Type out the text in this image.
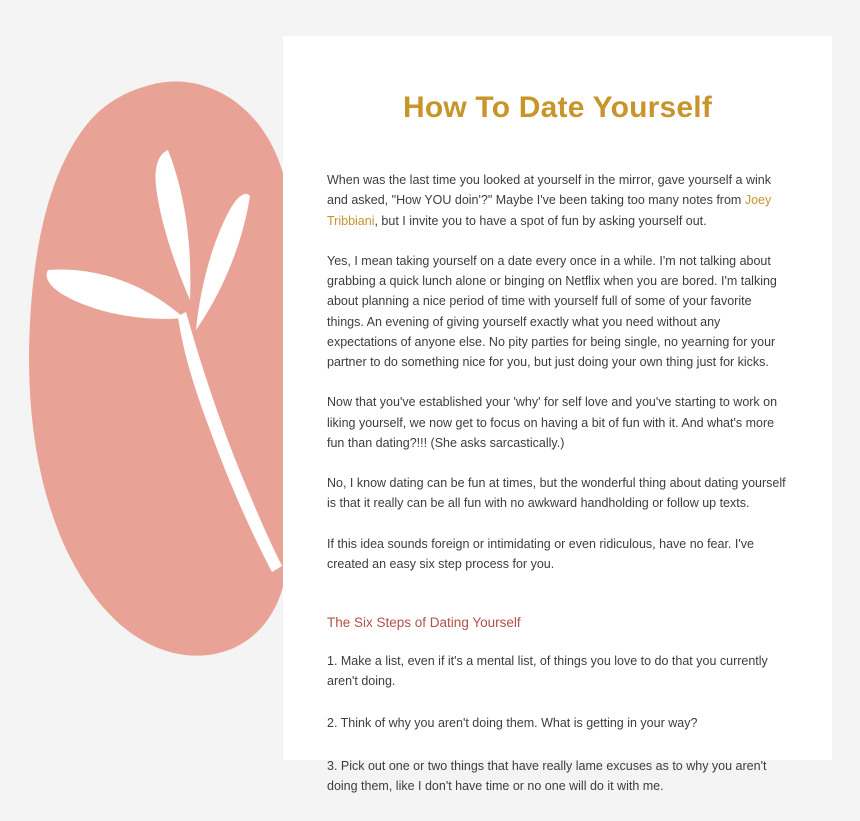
How To Date Yourself

When was the last time you looked at yourself in the mirror, gave yourself a wink and asked, "How YOU doin'?" Maybe I've been taking too many notes from Joey Tribbiani, but I invite you to have a spot of fun by asking yourself out.

Yes, I mean taking yourself on a date every once in a while. I'm not talking about grabbing a quick lunch alone or binging on Netflix when you are bored. I'm talking about planning a nice period of time with yourself full of some of your favorite things. An evening of giving yourself exactly what you need without any expectations of anyone else. No pity parties for being single, no yearning for your partner to do something nice for you, but just doing your own thing just for kicks.

Now that you've established your 'why' for self love and you've starting to work on liking yourself, we now get to focus on having a bit of fun with it. And what's more fun than dating?!!! (She asks sarcastically.)

No, I know dating can be fun at times, but the wonderful thing about dating yourself is that it really can be all fun with no awkward handholding or follow up texts.

If this idea sounds foreign or intimidating or even ridiculous, have no fear. I've created an easy six step process for you.

The Six Steps of Dating Yourself

1. Make a list, even if it's a mental list, of things you love to do that you currently aren't doing.

2. Think of why you aren't doing them. What is getting in your way?

3. Pick out one or two things that have really lame excuses as to why you aren't doing them, like I don't have time or no one will do it with me.
